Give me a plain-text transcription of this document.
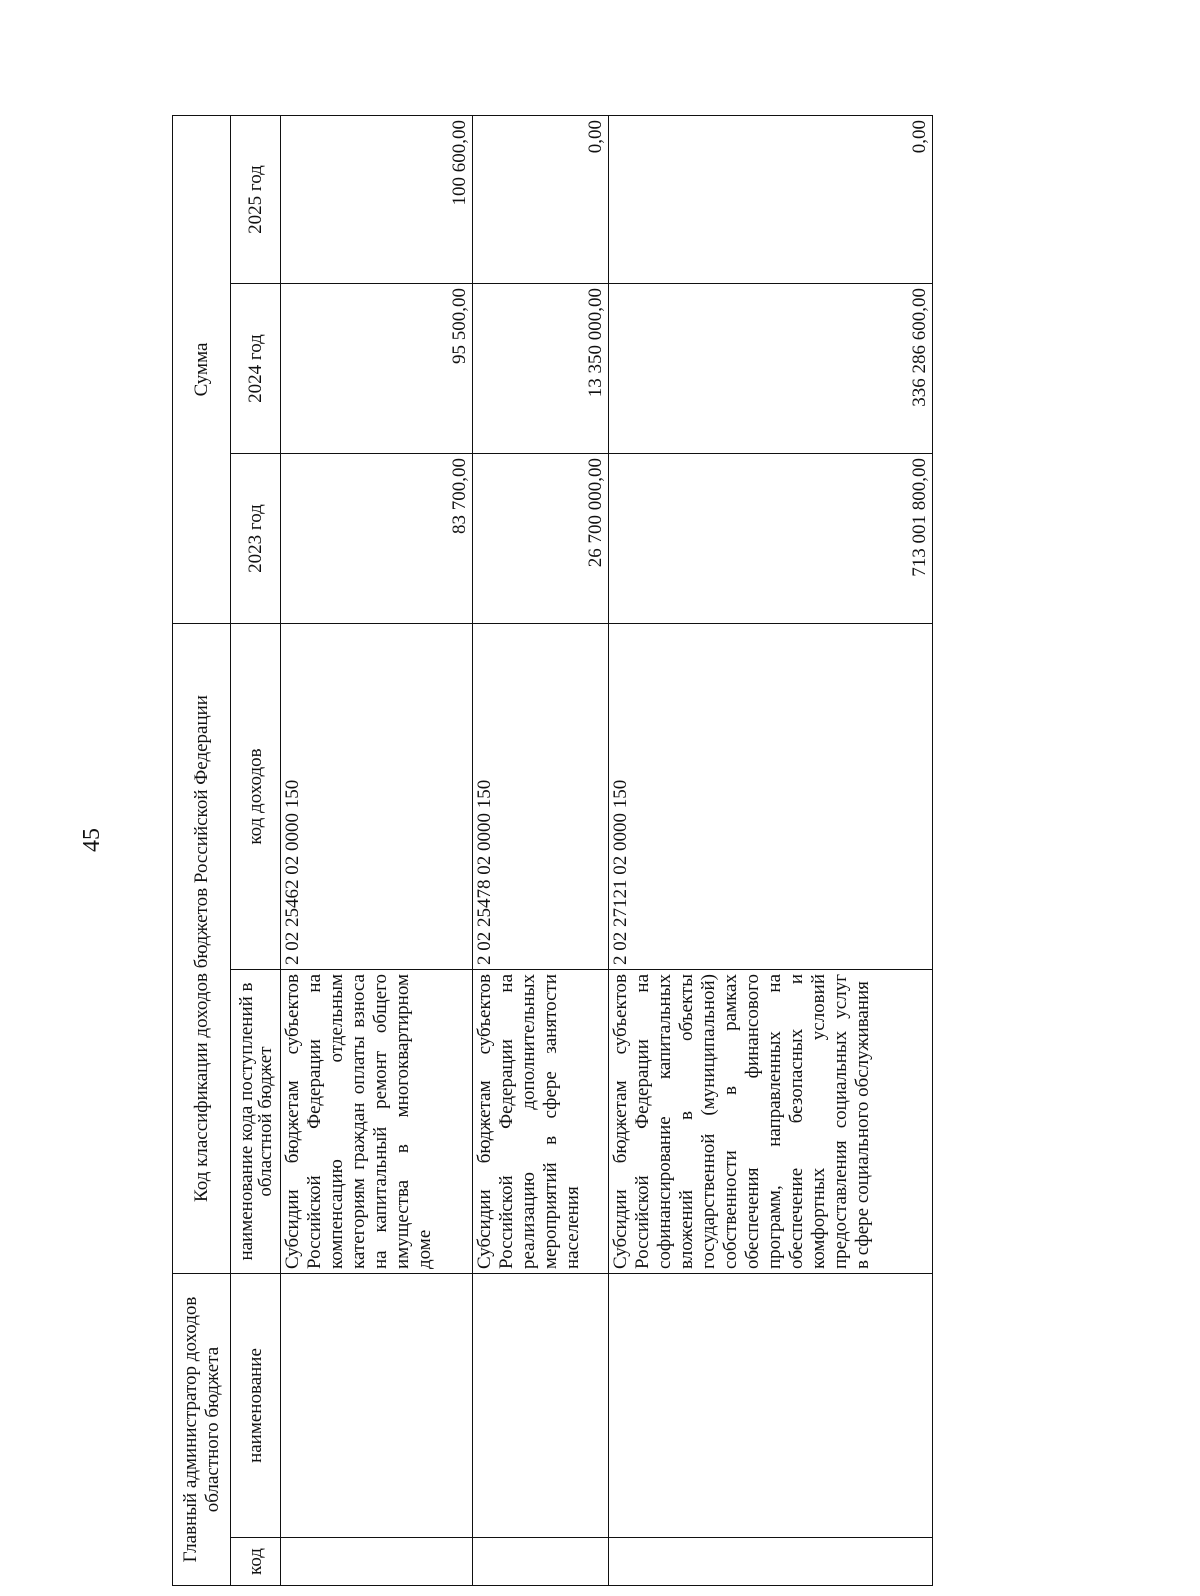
45
Главный администратор доходов областного бюджета		Код классификации доходов бюджетов Российской Федерации		Сумма		
код	наименование	наименование кода поступлений в областной бюджет	код доходов	2023 год	2024 год	2025 год
		Субсидии бюджетам субъектов Российской Федерации на компенсацию отдельным категориям граждан оплаты взноса на капитальный ремонт общего имущества в многоквартирном доме	2 02 25462 02 0000 150	83 700,00	95 500,00	100 600,00
		Субсидии бюджетам субъектов Российской Федерации на реализацию дополнительных мероприятий в сфере занятости населения	2 02 25478 02 0000 150	26 700 000,00	13 350 000,00	0,00
		Субсидии бюджетам субъектов Российской Федерации на софинансирование капитальных вложений в объекты государственной (муниципальной) собственности в рамках обеспечения финансового программ, направленных на обеспечение безопасных и комфортных условий предоставления социальных услуг в сфере социального обслуживания	2 02 27121 02 0000 150	713 001 800,00	336 286 600,00	0,00
